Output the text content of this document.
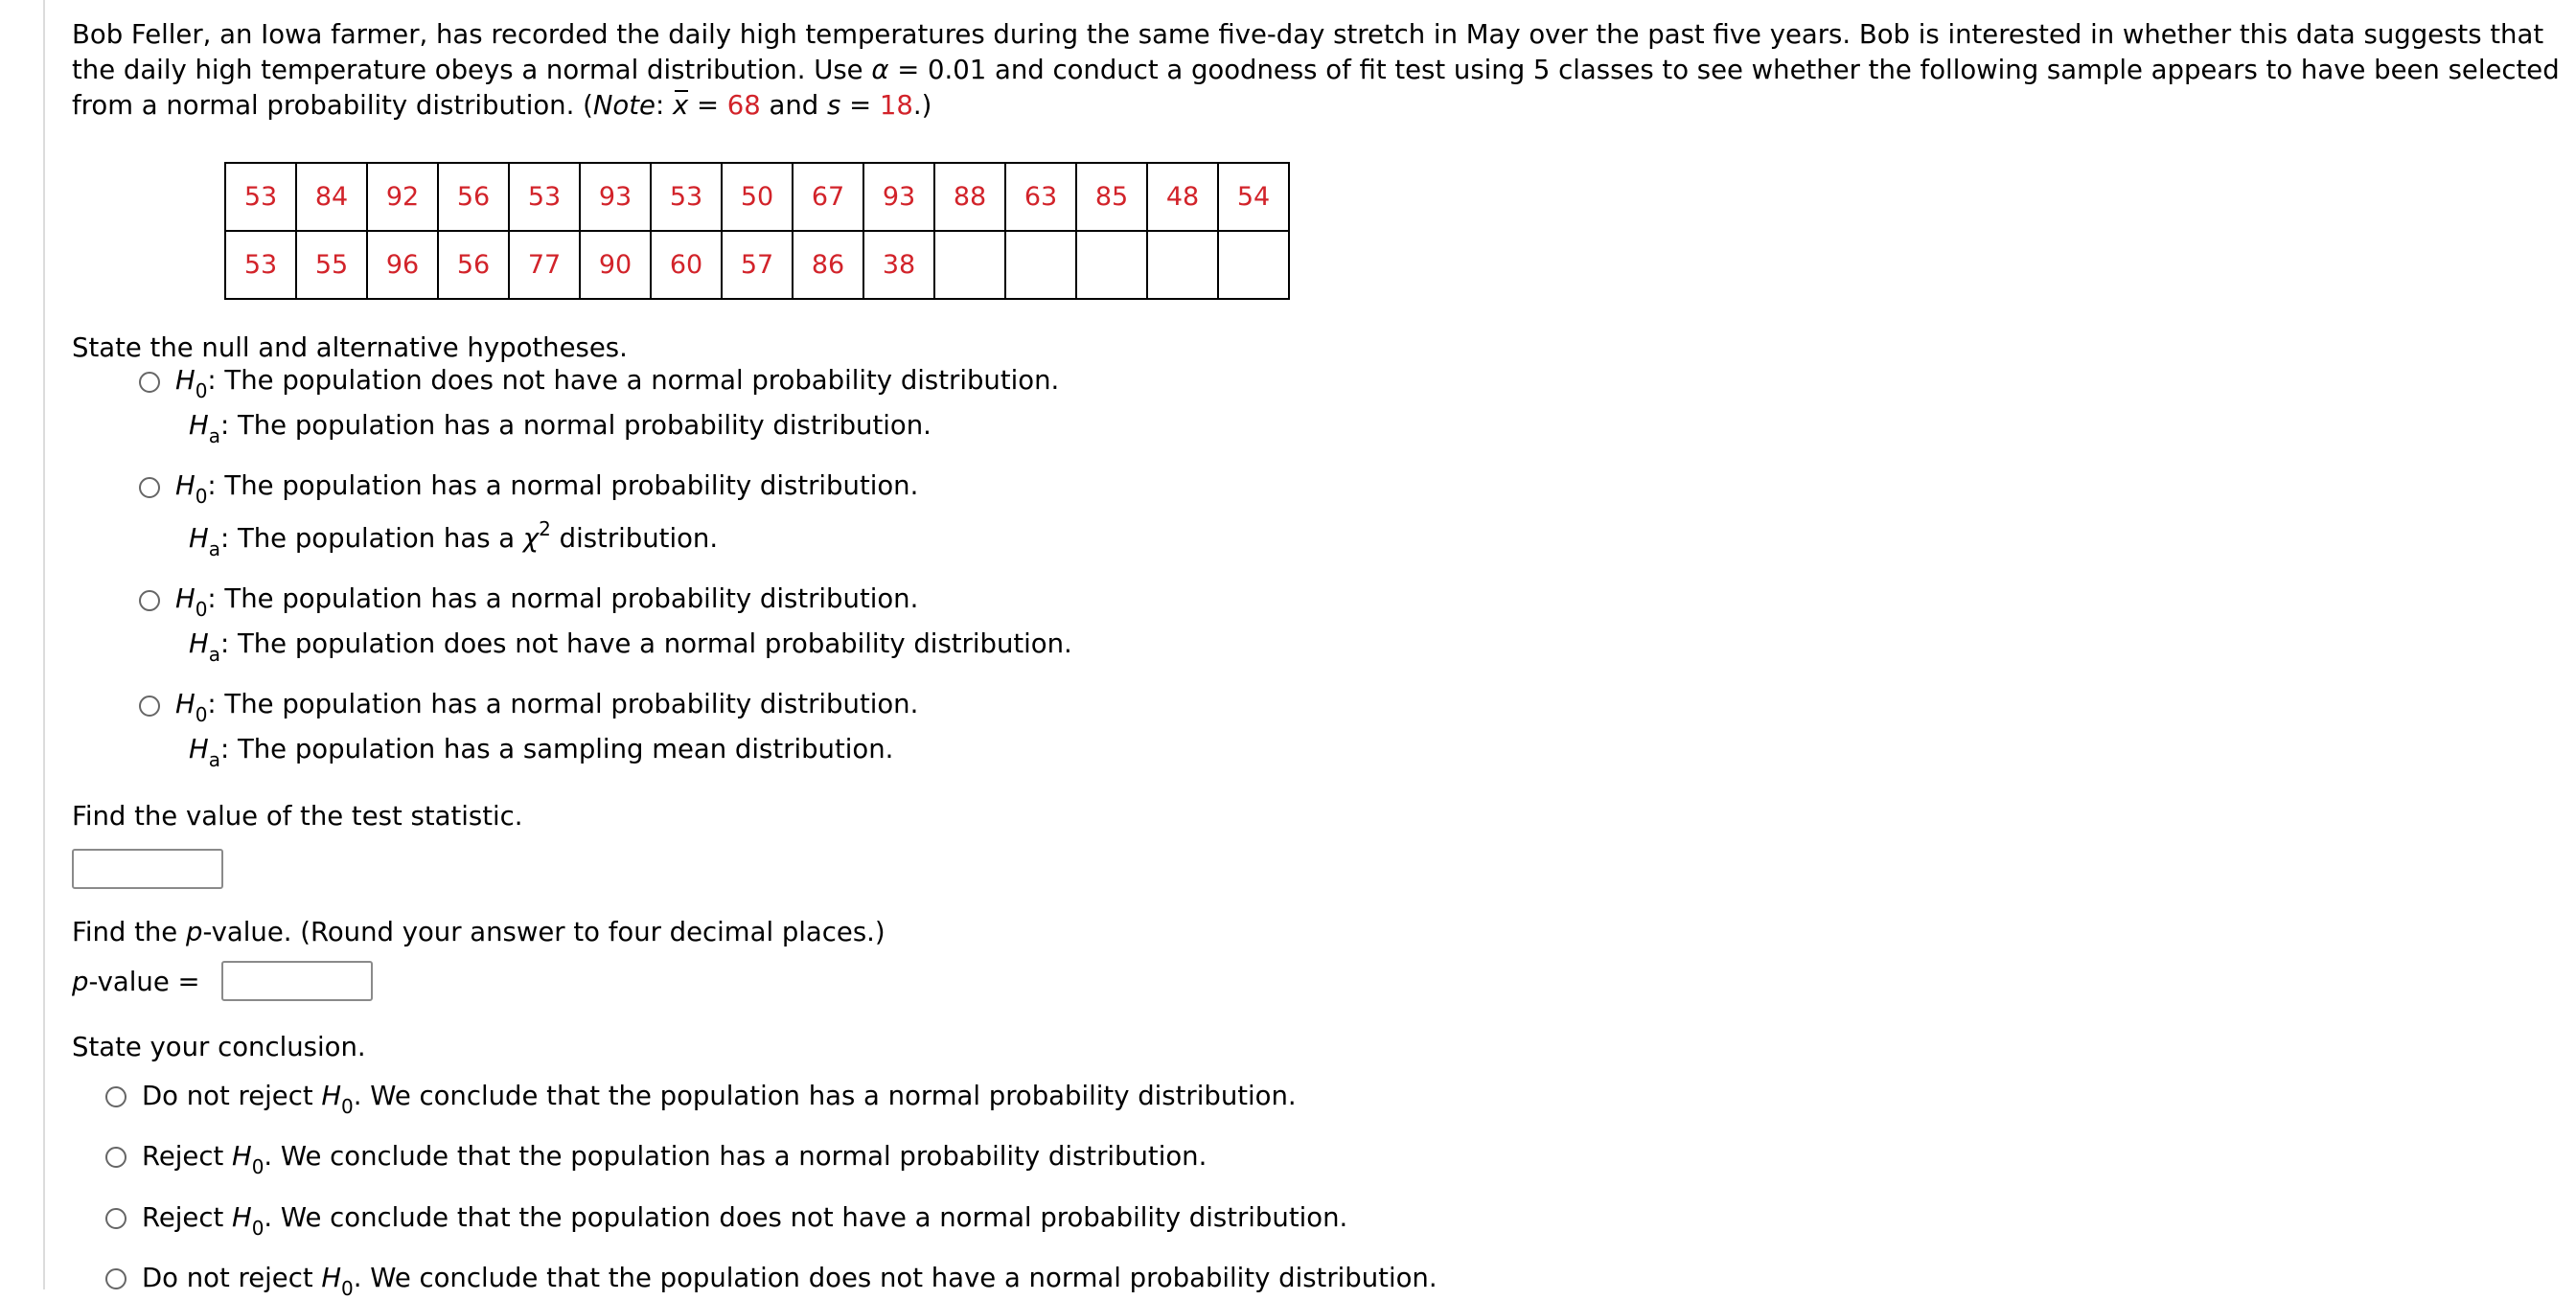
Bob Feller, an Iowa farmer, has recorded the daily high temperatures during the same five-day stretch in May over the past five years. Bob is interested in whether this data suggests that the daily high temperature obeys a normal distribution. Use α = 0.01 and conduct a goodness of fit test using 5 classes to see whether the following sample appears to have been selected from a normal probability distribution. (Note: x = 68 and s = 18.)
53	84	92	56	53	93	53	50	67	93	88	63	85	48	54
53	55	96	56	77	90	60	57	86	38					
State the null and alternative hypotheses.
$H_0$: The population does not have a normal probability distribution.
$H_a$: The population has a normal probability distribution.
$H_0$: The population has a normal probability distribution.
$H_a$: The population has a $\chi^2$ distribution.
$H_0$: The population has a normal probability distribution.
$H_a$: The population does not have a normal probability distribution.
$H_0$: The population has a normal probability distribution.
$H_a$: The population has a sampling mean distribution.
Find the value of the test statistic.
Find the p-value. (Round your answer to four decimal places.)
p-value =
State your conclusion.
Do not reject $H_0$. We conclude that the population has a normal probability distribution.
Reject $H_0$. We conclude that the population has a normal probability distribution.
Reject $H_0$. We conclude that the population does not have a normal probability distribution.
Do not reject $H_0$. We conclude that the population does not have a normal probability distribution.
